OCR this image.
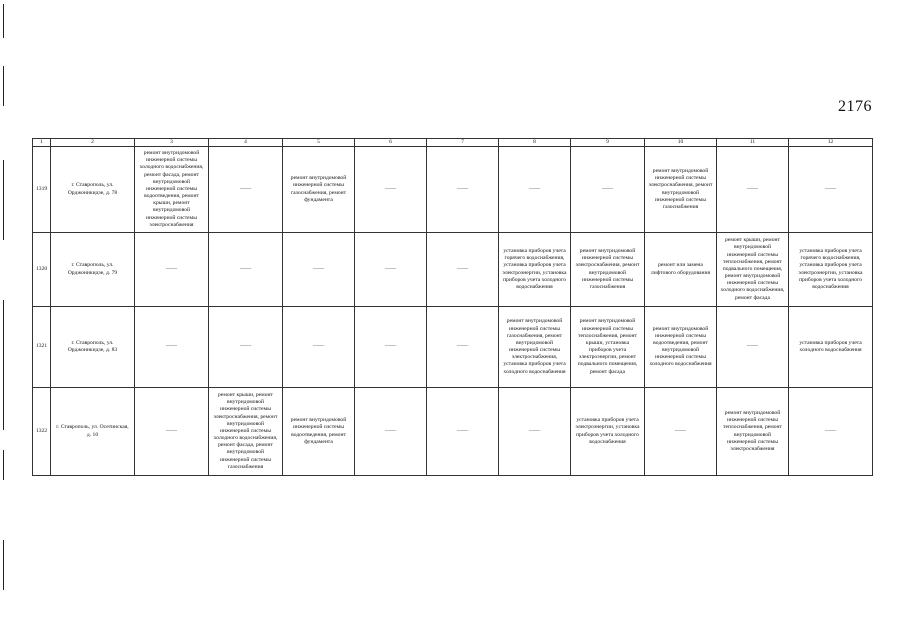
2176
1	2	3	4	5	6	7	8	9	10	11	12
1319	г. Ставрополь, ул. Орджоникидзе, д. 78	ремонт внутридомовой инженерной системы холодного водоснабжения, ремонт фасада, ремонт внутридомовой инженерной системы водоотведения, ремонт крыши, ремонт внутридомовой инженерной системы электроснабжения	——	ремонт внутридомовой инженерной системы газоснабжения, ремонт фундамента	——	——	——	——	ремонт внутридомовой инженерной системы электроснабжения, ремонт внутридомовой инженерной системы газоснабжения	——	——
1320	г. Ставрополь, ул. Орджоникидзе, д. 79	——	——	——	——	——	установка приборов учета горячего водоснабжения, установка приборов учета электроэнергии, установка приборов учета холодного водоснабжения	ремонт внутридомовой инженерной системы электроснабжения, ремонт внутридомовой инженерной системы газоснабжения	ремонт или замена лифтового оборудования	ремонт крыши, ремонт внутридомовой инженерной системы теплоснабжения, ремонт подвального помещения, ремонт внутридомовой инженерной системы холодного водоснабжения, ремонт фасада	установка приборов учета горячего водоснабжения, установка приборов учета электроэнергии, установка приборов учета холодного водоснабжения
1321	г. Ставрополь, ул. Орджоникидзе, д. 83	——	——	——	——	——	ремонт внутридомовой инженерной системы газоснабжения, ремонт внутридомовой инженерной системы электроснабжения, установка приборов учета холодного водоснабжения	ремонт внутридомовой инженерной системы теплоснабжения, ремонт крыши, установка приборов учета электроэнергии, ремонт подвального помещения, ремонт фасада	ремонт внутридомовой инженерной системы водоотведения, ремонт внутридомовой инженерной системы холодного водоснабжения	——	установка приборов учета холодного водоснабжения
1322	г. Ставрополь, ул. Осетинская, д. 10	——	ремонт крыши, ремонт внутридомовой инженерной системы электроснабжения, ремонт внутридомовой инженерной системы холодного водоснабжения, ремонт фасада, ремонт внутридомовой инженерной системы газоснабжения	ремонт внутридомовой инженерной системы водоотведения, ремонт фундамента	——	——	——	установка приборов учета электроэнергии, установка приборов учета холодного водоснабжения	——	ремонт внутридомовой инженерной системы теплоснабжения, ремонт внутридомовой инженерной системы электроснабжения	——
